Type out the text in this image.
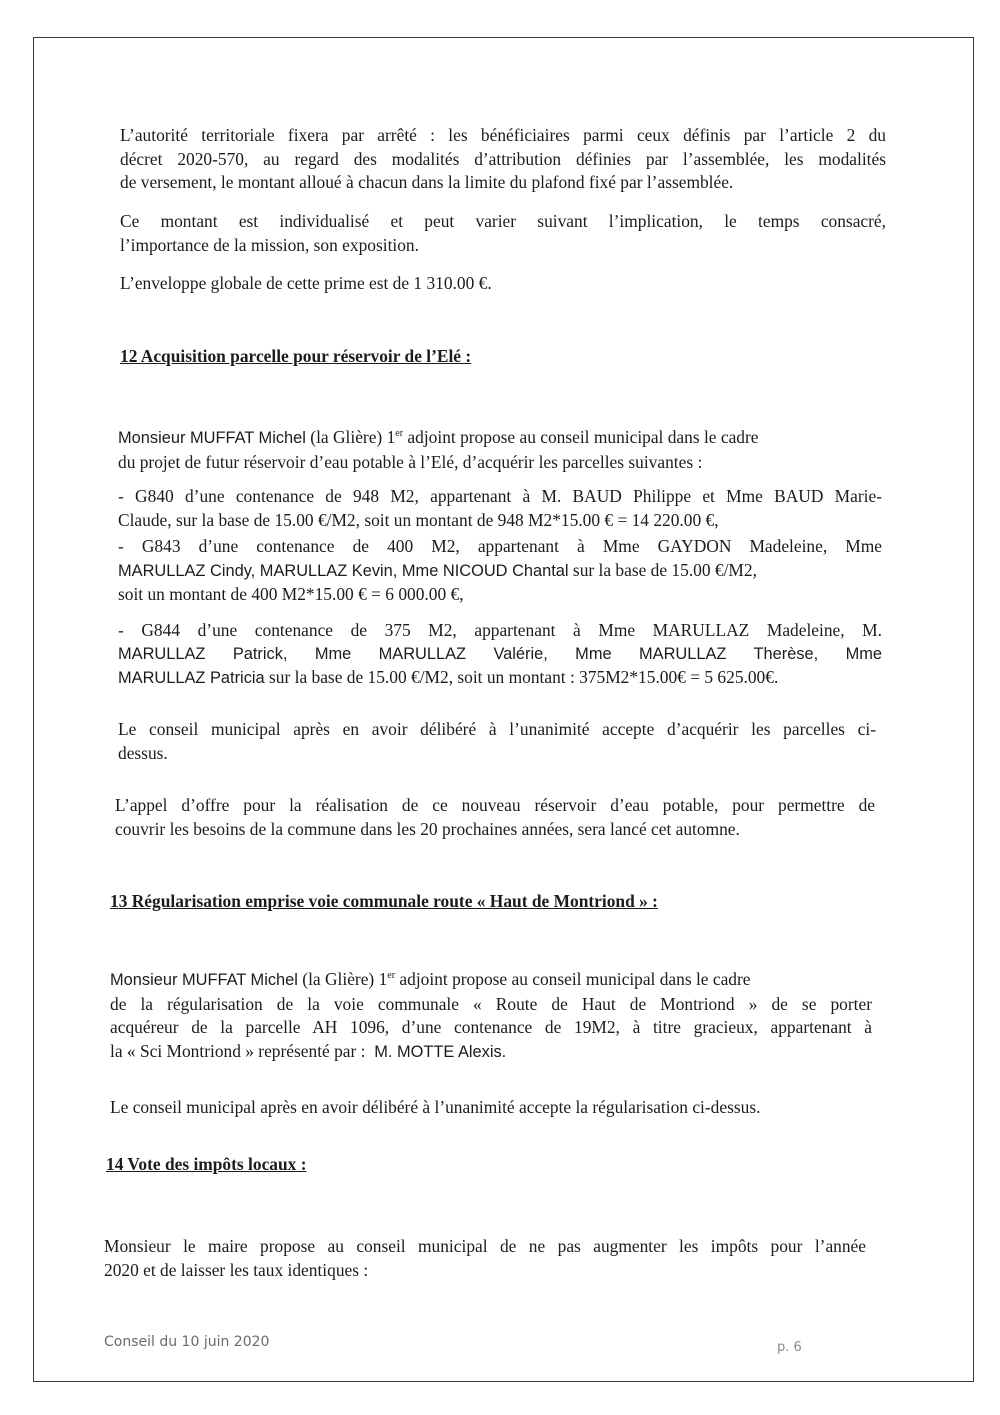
L’autorité territoriale fixera par arrêté : les bénéficiaires parmi ceux définis par l’article 2 du
décret 2020-570, au regard des modalités d’attribution définies par l’assemblée, les modalités
de versement, le montant alloué à chacun dans la limite du plafond fixé par l’assemblée.
Ce montant est individualisé et peut varier suivant l’implication, le temps consacré,
l’importance de la mission, son exposition.
L’enveloppe globale de cette prime est de 1 310.00 €.
12 Acquisition parcelle pour réservoir de l’Elé :
Monsieur MUFFAT Michel (la Glière) 1er adjoint propose au conseil municipal dans le cadre
du projet de futur réservoir d’eau potable à l’Elé, d’acquérir les parcelles suivantes :
- G840 d’une contenance de 948 M2, appartenant à M. BAUD Philippe et Mme BAUD Marie-
Claude, sur la base de 15.00 €/M2, soit un montant de 948 M2*15.00 € = 14 220.00 €,
- G843 d’une contenance de 400 M2, appartenant à Mme GAYDON Madeleine, Mme
MARULLAZ Cindy, MARULLAZ Kevin, Mme NICOUD Chantal sur la base de 15.00 €/M2,
soit un montant de 400 M2*15.00 € = 6 000.00 €,
- G844 d’une contenance de 375 M2, appartenant à Mme MARULLAZ Madeleine, M.
MARULLAZ Patrick, Mme MARULLAZ Valérie, Mme MARULLAZ Therèse, Mme
MARULLAZ Patricia sur la base de 15.00 €/M2, soit un montant : 375M2*15.00€ = 5 625.00€.
Le conseil municipal après en avoir délibéré à l’unanimité accepte d’acquérir les parcelles ci-
dessus.
L’appel d’offre pour la réalisation de ce nouveau réservoir d’eau potable, pour permettre de
couvrir les besoins de la commune dans les 20 prochaines années, sera lancé cet automne.
13 Régularisation emprise voie communale route « Haut de Montriond » :
Monsieur MUFFAT Michel (la Glière) 1er adjoint propose au conseil municipal dans le cadre
de la régularisation de la voie communale « Route de Haut de Montriond » de se porter
acquéreur de la parcelle AH 1096, d’une contenance de 19M2, à titre gracieux, appartenant à
la « Sci Montriond » représenté par : M. MOTTE Alexis.
Le conseil municipal après en avoir délibéré à l’unanimité accepte la régularisation ci-dessus.
14 Vote des impôts locaux :
Monsieur le maire propose au conseil municipal de ne pas augmenter les impôts pour l’année
2020 et de laisser les taux identiques :
Conseil du 10 juin 2020	p. 6
